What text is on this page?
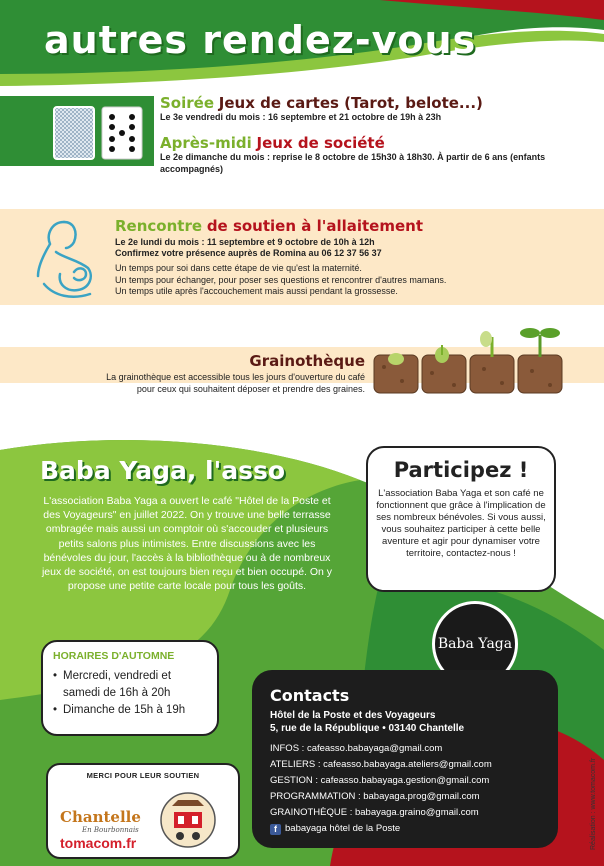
autres rendez-vous
Soirée Jeux de cartes (Tarot, belote...)
Le 3e vendredi du mois : 16 septembre et 21 octobre de 19h à 23h
Après-midi Jeux de société
Le 2e dimanche du mois : reprise le 8 octobre de 15h30 à 18h30. À partir de 6 ans (enfants accompagnés)
Rencontre de soutien à l'allaitement
Le 2e lundi du mois : 11 septembre et 9 octobre de 10h à 12h
Confirmez votre présence auprès de Romina au 06 12 37 56 37
Un temps pour soi dans cette étape de vie qu'est la maternité.
Un temps pour échanger, pour poser ses questions et rencontrer d'autres mamans.
Un temps utile après l'accouchement mais aussi pendant la grossesse.
Grainothèque
La grainothèque est accessible tous les jours d'ouverture du café
pour ceux qui souhaitent déposer et prendre des graines.
Baba Yaga, l'asso
L'association Baba Yaga a ouvert le café "Hôtel de la Poste et des Voyageurs" en juillet 2022. On y trouve une belle terrasse ombragée mais aussi un comptoir où s'accouder et plusieurs petits salons plus intimistes. Entre discussions avec les bénévoles du jour, l'accès à la bibliothèque ou à de nombreux jeux de société, on est toujours bien reçu et bien occupé. On y propose une petite carte locale pour tous les goûts.
Participez !
L'association Baba Yaga et son café ne fonctionnent que grâce à l'implication de ses nombreux bénévoles. Si vous aussi, vous souhaitez participer à cette belle aventure et agir pour dynamiser votre territoire, contactez-nous !
Baba Yaga
HORAIRES D'AUTOMNE
• Mercredi, vendredi et samedi de 16h à 20h
• Dimanche de 15h à 19h
Contacts
Hôtel de la Poste et des Voyageurs
5, rue de la République • 03140 Chantelle
INFOS : cafeasso.babayaga@gmail.com
ATELIERS : cafeasso.babayaga.ateliers@gmail.com
GESTION : cafeasso.babayaga.gestion@gmail.com
PROGRAMMATION : babayaga.prog@gmail.com
GRAINOTHÈQUE : babayaga.graino@gmail.com
f babayaga hôtel de la Poste
MERCI POUR LEUR SOUTIEN
Chantelle
En Bourbonnais
tomacom.fr	Réalisation : www.tomacom.fr
